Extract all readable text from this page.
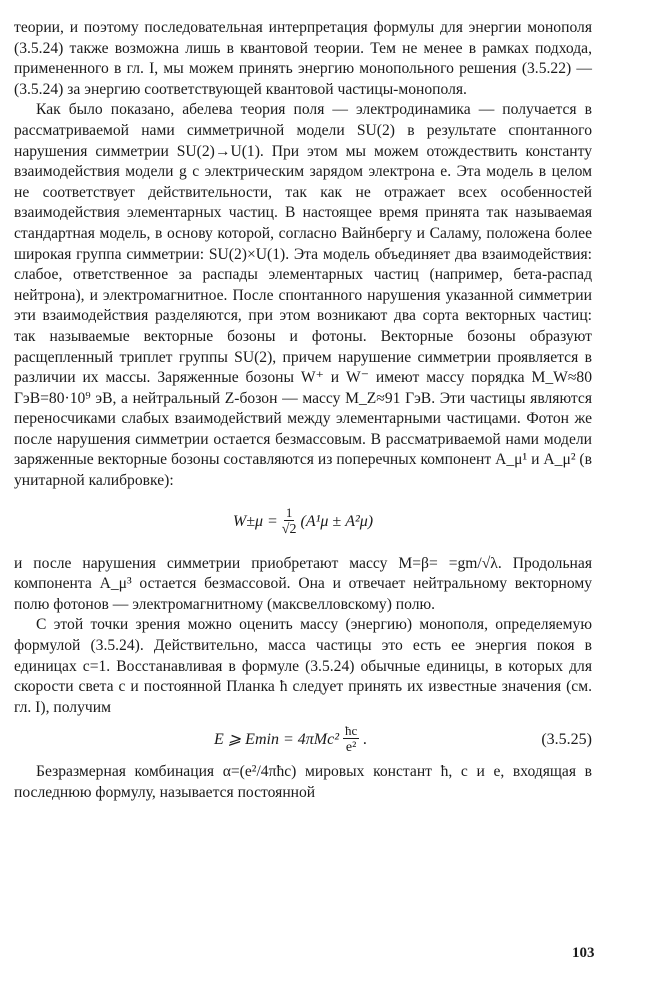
теории, и поэтому последовательная интерпретация формулы для энергии монополя (3.5.24) также возможна лишь в квантовой теории. Тем не менее в рамках подхода, примененного в гл. I, мы можем принять энергию монопольного решения (3.5.22) — (3.5.24) за энергию соответствующей квантовой частицы-монополя.

Как было показано, абелева теория поля — электродинамика — получается в рассматриваемой нами симметричной модели SU(2) в результате спонтанного нарушения симметрии SU(2)→U(1). При этом мы можем отождествить константу взаимодействия модели g с электрическим зарядом электрона e. Эта модель в целом не соответствует действительности, так как не отражает всех особенностей взаимодействия элементарных частиц. В настоящее время принята так называемая стандартная модель, в основу которой, согласно Вайнбергу и Саламу, положена более широкая группа симметрии: SU(2)×U(1). Эта модель объединяет два взаимодействия: слабое, ответственное за распады элементарных частиц (например, бета-распад нейтрона), и электромагнитное. После спонтанного нарушения указанной симметрии эти взаимодействия разделяются, при этом возникают два сорта векторных частиц: так называемые векторные бозоны и фотоны. Векторные бозоны образуют расщепленный триплет группы SU(2), причем нарушение симметрии проявляется в различии их массы. Заряженные бозоны W⁺ и W⁻ имеют массу порядка M_W≈80 ГэВ=80·10⁹ эВ, а нейтральный Z-бозон — массу M_Z≈91 ГэВ. Эти частицы являются переносчиками слабых взаимодействий между элементарными частицами. Фотон же после нарушения симметрии остается безмассовым. В рассматриваемой нами модели заряженные векторные бозоны составляются из поперечных компонент A_μ¹ и A_μ² (в унитарной калибровке):

$W\pm\mu = \frac{1}{√2} (A^1\mu \pm A^2\mu)$

и после нарушения симметрии приобретают массу M=β= =gm/√λ. Продольная компонента A_μ³ остается безмассовой. Она и отвечает нейтральному векторному полю фотонов — электромагнитному (максвелловскому) полю.

С этой точки зрения можно оценить массу (энергию) монополя, определяемую формулой (3.5.24). Действительно, масса частицы это есть ее энергия покоя в единицах c=1. Восстанавливая в формуле (3.5.24) обычные единицы, в которых для скорости света c и постоянной Планка ħ следует принять их известные значения (см. гл. I), получим

E ⩾ $Emin = 4\pi Mc^2 \frac{ħc}{\text{e²}}$ .	(3.5.25)

Безразмерная комбинация α=(e²/4πħc) мировых констант ħ, c и e, входящая в последнюю формулу, называется постоянной

103
